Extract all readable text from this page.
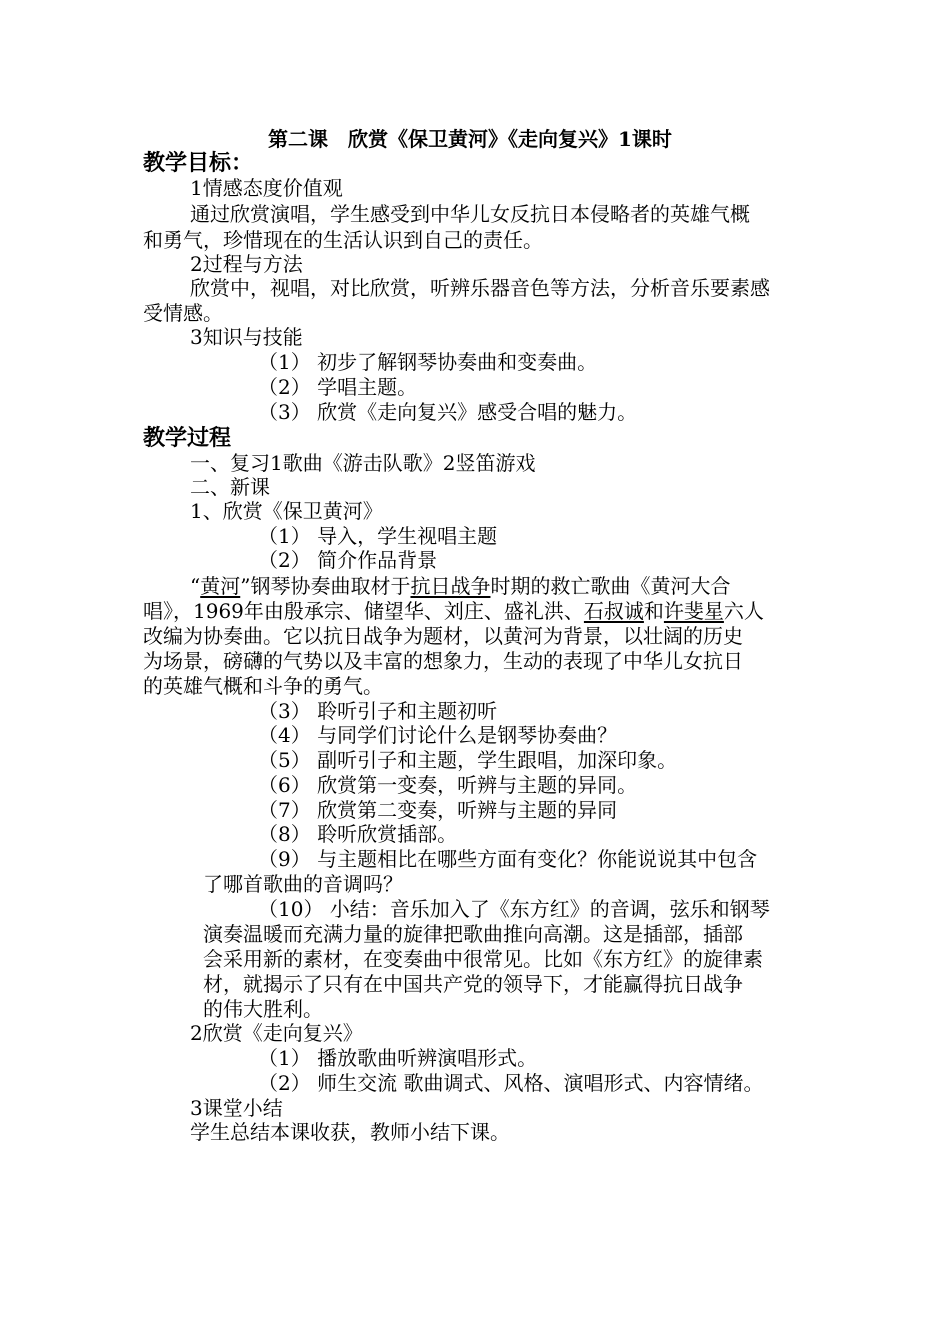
第二课　欣赏《保卫黄河》《走向复兴》1课时
教学目标：
1情感态度价值观
通过欣赏演唱，学生感受到中华儿女反抗日本侵略者的英雄气概
和勇气，珍惜现在的生活认识到自己的责任。
2过程与方法
欣赏中，视唱，对比欣赏，听辨乐器音色等方法，分析音乐要素感
受情感。
3知识与技能
（1） 初步了解钢琴协奏曲和变奏曲。
（2） 学唱主题。
（3） 欣赏《走向复兴》感受合唱的魅力。
教学过程
一、复习1歌曲《游击队歌》2竖笛游戏
二、新课
1、欣赏《保卫黄河》
（1） 导入，学生视唱主题
（2） 简介作品背景
“黄河”钢琴协奏曲取材于抗日战争时期的救亡歌曲《黄河大合
唱》，1969年由殷承宗、储望华、刘庄、盛礼洪、石叔诚和许斐星六人
改编为协奏曲。它以抗日战争为题材，以黄河为背景，以壮阔的历史
为场景，磅礴的气势以及丰富的想象力，生动的表现了中华儿女抗日
的英雄气概和斗争的勇气。
（3） 聆听引子和主题初听
（4） 与同学们讨论什么是钢琴协奏曲？
（5） 副听引子和主题，学生跟唱，加深印象。
（6） 欣赏第一变奏，听辨与主题的异同。
（7） 欣赏第二变奏，听辨与主题的异同
（8） 聆听欣赏插部。
（9） 与主题相比在哪些方面有变化？你能说说其中包含
了哪首歌曲的音调吗？
（10） 小结：音乐加入了《东方红》的音调，弦乐和钢琴
演奏温暖而充满力量的旋律把歌曲推向高潮。这是插部，插部
会采用新的素材，在变奏曲中很常见。比如《东方红》的旋律素
材，就揭示了只有在中国共产党的领导下，才能赢得抗日战争
的伟大胜利。
2欣赏《走向复兴》
（1） 播放歌曲听辨演唱形式。
（2） 师生交流 歌曲调式、风格、演唱形式、内容情绪。
3课堂小结
学生总结本课收获，教师小结下课。
